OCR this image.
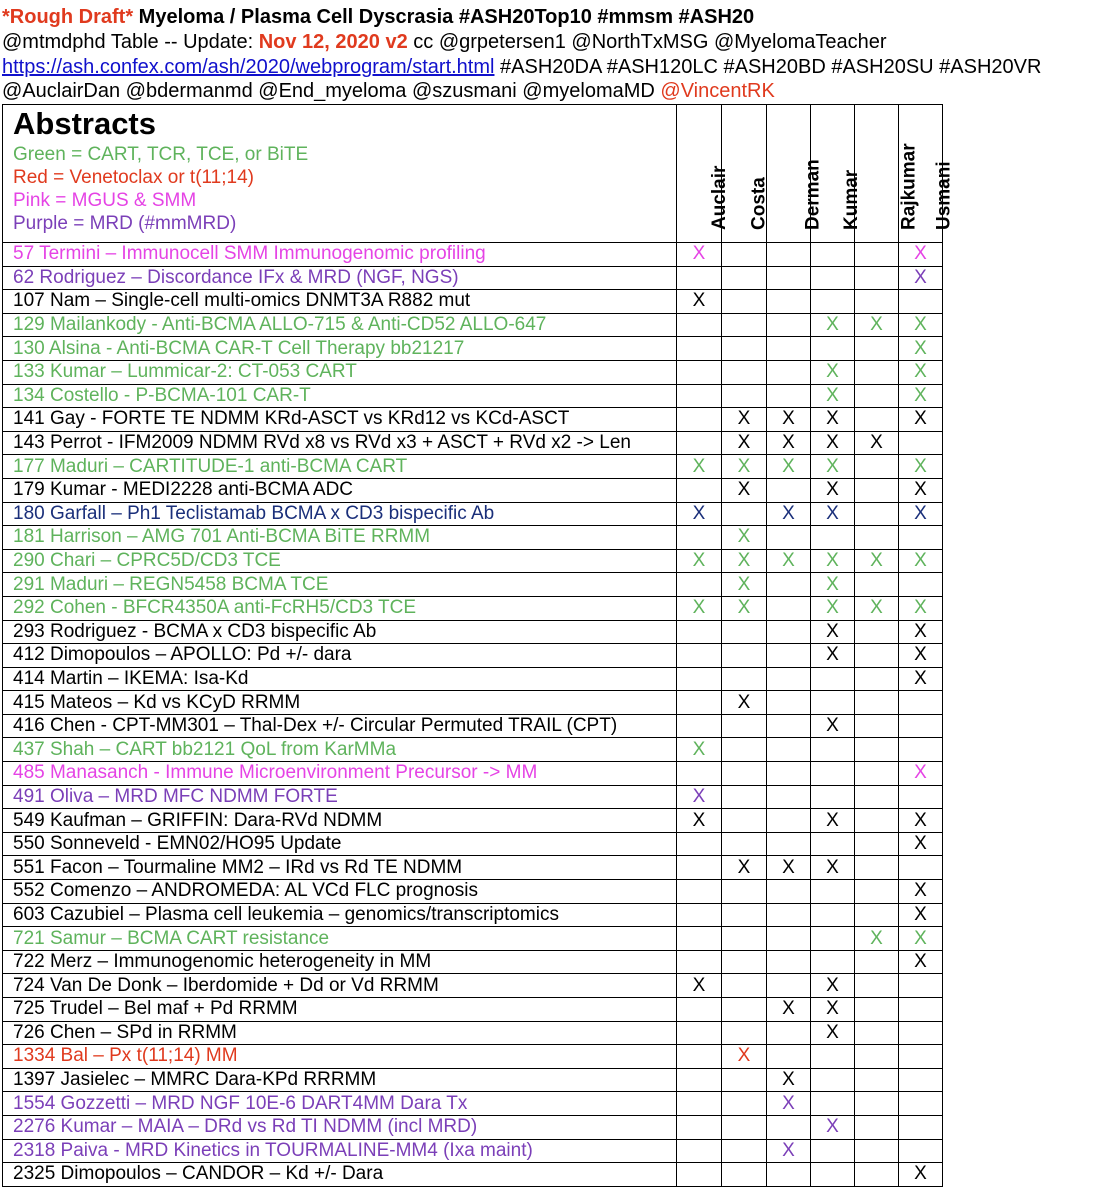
*Rough Draft* Myeloma / Plasma Cell Dyscrasia #ASH20Top10 #mmsm #ASH20
@mtmdphd Table -- Update: Nov 12, 2020 v2 cc @grpetersen1 @NorthTxMSG @MyelomaTeacher
https://ash.confex.com/ash/2020/webprogram/start.html #ASH20DA #ASH120LC #ASH20BD #ASH20SU #ASH20VR
@AuclairDan @bdermanmd @End_myeloma @szusmani @myelomaMD @VincentRK
Abstracts
Green = CART, TCR, TCE, or BiTE
Red = Venetoclax or t(11;14)
Pink = MGUS & SMM
Purple = MRD (#mmMRD)	Auclair	Costa	Derman	Kumar	Rajkumar	Usmani

57 Termini – Immunocell SMM Immunogenomic profiling	X					X
62 Rodriguez – Discordance IFx & MRD (NGF, NGS)						X
107 Nam – Single-cell multi-omics DNMT3A R882 mut	X					
129 Mailankody - Anti-BCMA ALLO-715 & Anti-CD52 ALLO-647				X	X	X
130 Alsina - Anti-BCMA CAR-T Cell Therapy bb21217						X
133 Kumar – Lummicar-2: CT-053 CART				X		X
134 Costello - P-BCMA-101 CAR-T				X		X
141 Gay - FORTE TE NDMM KRd-ASCT vs KRd12 vs KCd-ASCT		X	X	X		X
143 Perrot - IFM2009 NDMM RVd x8 vs RVd x3 + ASCT + RVd x2 -> Len		X	X	X	X	
177 Maduri – CARTITUDE-1 anti-BCMA CART	X	X	X	X		X
179 Kumar - MEDI2228 anti-BCMA ADC		X		X		X
180 Garfall – Ph1 Teclistamab BCMA x CD3 bispecific Ab	X		X	X		X
181 Harrison – AMG 701 Anti-BCMA BiTE RRMM		X				
290 Chari – CPRC5D/CD3 TCE	X	X	X	X	X	X
291 Maduri – REGN5458 BCMA TCE		X		X		
292 Cohen - BFCR4350A anti-FcRH5/CD3 TCE	X	X		X	X	X
293 Rodriguez - BCMA x CD3 bispecific Ab				X		X
412 Dimopoulos – APOLLO: Pd +/- dara				X		X
414 Martin – IKEMA: Isa-Kd						X
415 Mateos – Kd vs KCyD RRMM		X				
416 Chen - CPT-MM301 – Thal-Dex +/- Circular Permuted TRAIL (CPT)				X		
437 Shah – CART bb2121 QoL from KarMMa	X					
485 Manasanch - Immune Microenvironment Precursor -> MM						X
491 Oliva – MRD MFC NDMM FORTE	X					
549 Kaufman – GRIFFIN: Dara-RVd NDMM	X			X		X
550 Sonneveld - EMN02/HO95 Update						X
551 Facon – Tourmaline MM2 – IRd vs Rd TE NDMM		X	X	X		
552 Comenzo – ANDROMEDA: AL VCd FLC prognosis						X
603 Cazubiel – Plasma cell leukemia – genomics/transcriptomics						X
721 Samur – BCMA CART resistance					X	X
722 Merz – Immunogenomic heterogeneity in MM						X
724 Van De Donk – Iberdomide + Dd or Vd RRMM	X			X		
725 Trudel – Bel maf + Pd RRMM			X	X		
726 Chen – SPd in RRMM				X		
1334 Bal – Px t(11;14) MM		X				
1397 Jasielec – MMRC Dara-KPd RRRMM			X			
1554 Gozzetti – MRD NGF 10E-6 DART4MM Dara Tx			X			
2276 Kumar – MAIA – DRd vs Rd TI NDMM (incl MRD)				X		
2318 Paiva - MRD Kinetics in TOURMALINE-MM4 (Ixa maint)			X			
2325 Dimopoulos – CANDOR – Kd +/- Dara						X
